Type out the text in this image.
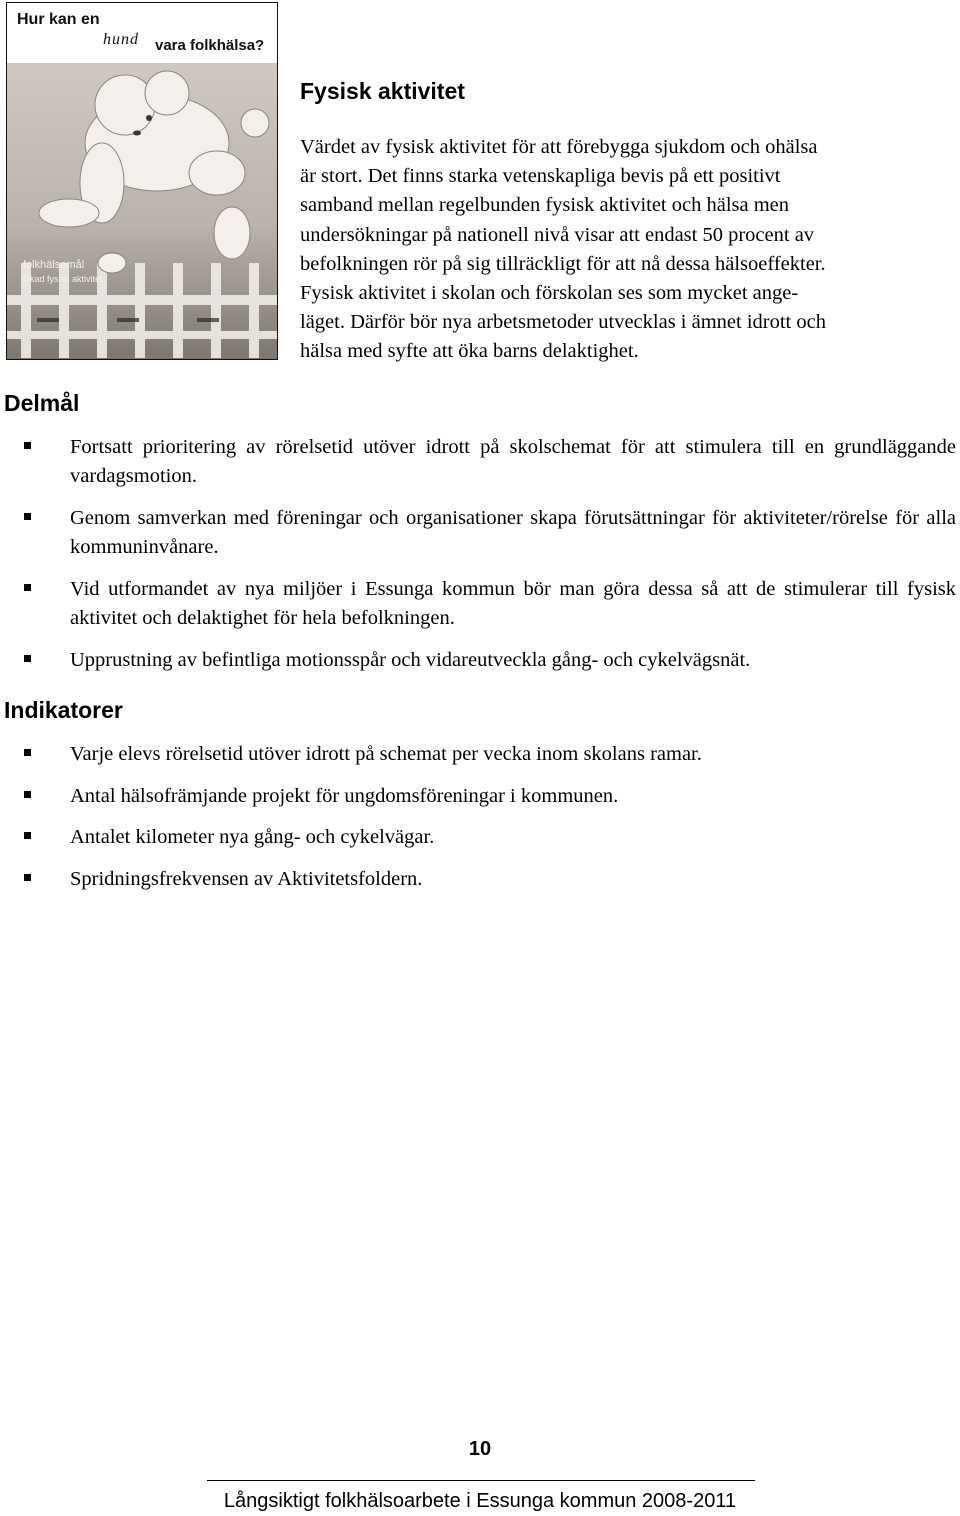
Hur kan en
hund vara folkhälsa?
folkhälsomål
Ökad fysisk aktivitet
Fysisk aktivitet

Värdet av fysisk aktivitet för att förebygga sjukdom och ohälsa
är stort. Det finns starka vetenskapliga bevis på ett positivt
samband mellan regelbunden fysisk aktivitet och hälsa men
undersökningar på nationell nivå visar att endast 50 procent av
befolkningen rör på sig tillräckligt för att nå dessa hälsoeffekter.
Fysisk aktivitet i skolan och förskolan ses som mycket ange-
läget. Därför bör nya arbetsmetoder utvecklas i ämnet idrott och
hälsa med syfte att öka barns delaktighet.

Delmål
Fortsatt prioritering av rörelsetid utöver idrott på skolschemat för att stimulera till en grundläggande vardagsmotion.
Genom samverkan med föreningar och organisationer skapa förutsättningar för aktiviteter/rörelse för alla kommuninvånare.
Vid utformandet av nya miljöer i Essunga kommun bör man göra dessa så att de stimulerar till fysisk aktivitet och delaktighet för hela befolkningen.
Upprustning av befintliga motionsspår och vidareutveckla gång- och cykelvägsnät.
Indikatorer
Varje elevs rörelsetid utöver idrott på schemat per vecka inom skolans ramar.
Antal hälsofrämjande projekt för ungdomsföreningar i kommunen.
Antalet kilometer nya gång- och cykelvägar.
Spridningsfrekvensen av Aktivitetsfoldern.
10
Långsiktigt folkhälsoarbete i Essunga kommun 2008-2011
